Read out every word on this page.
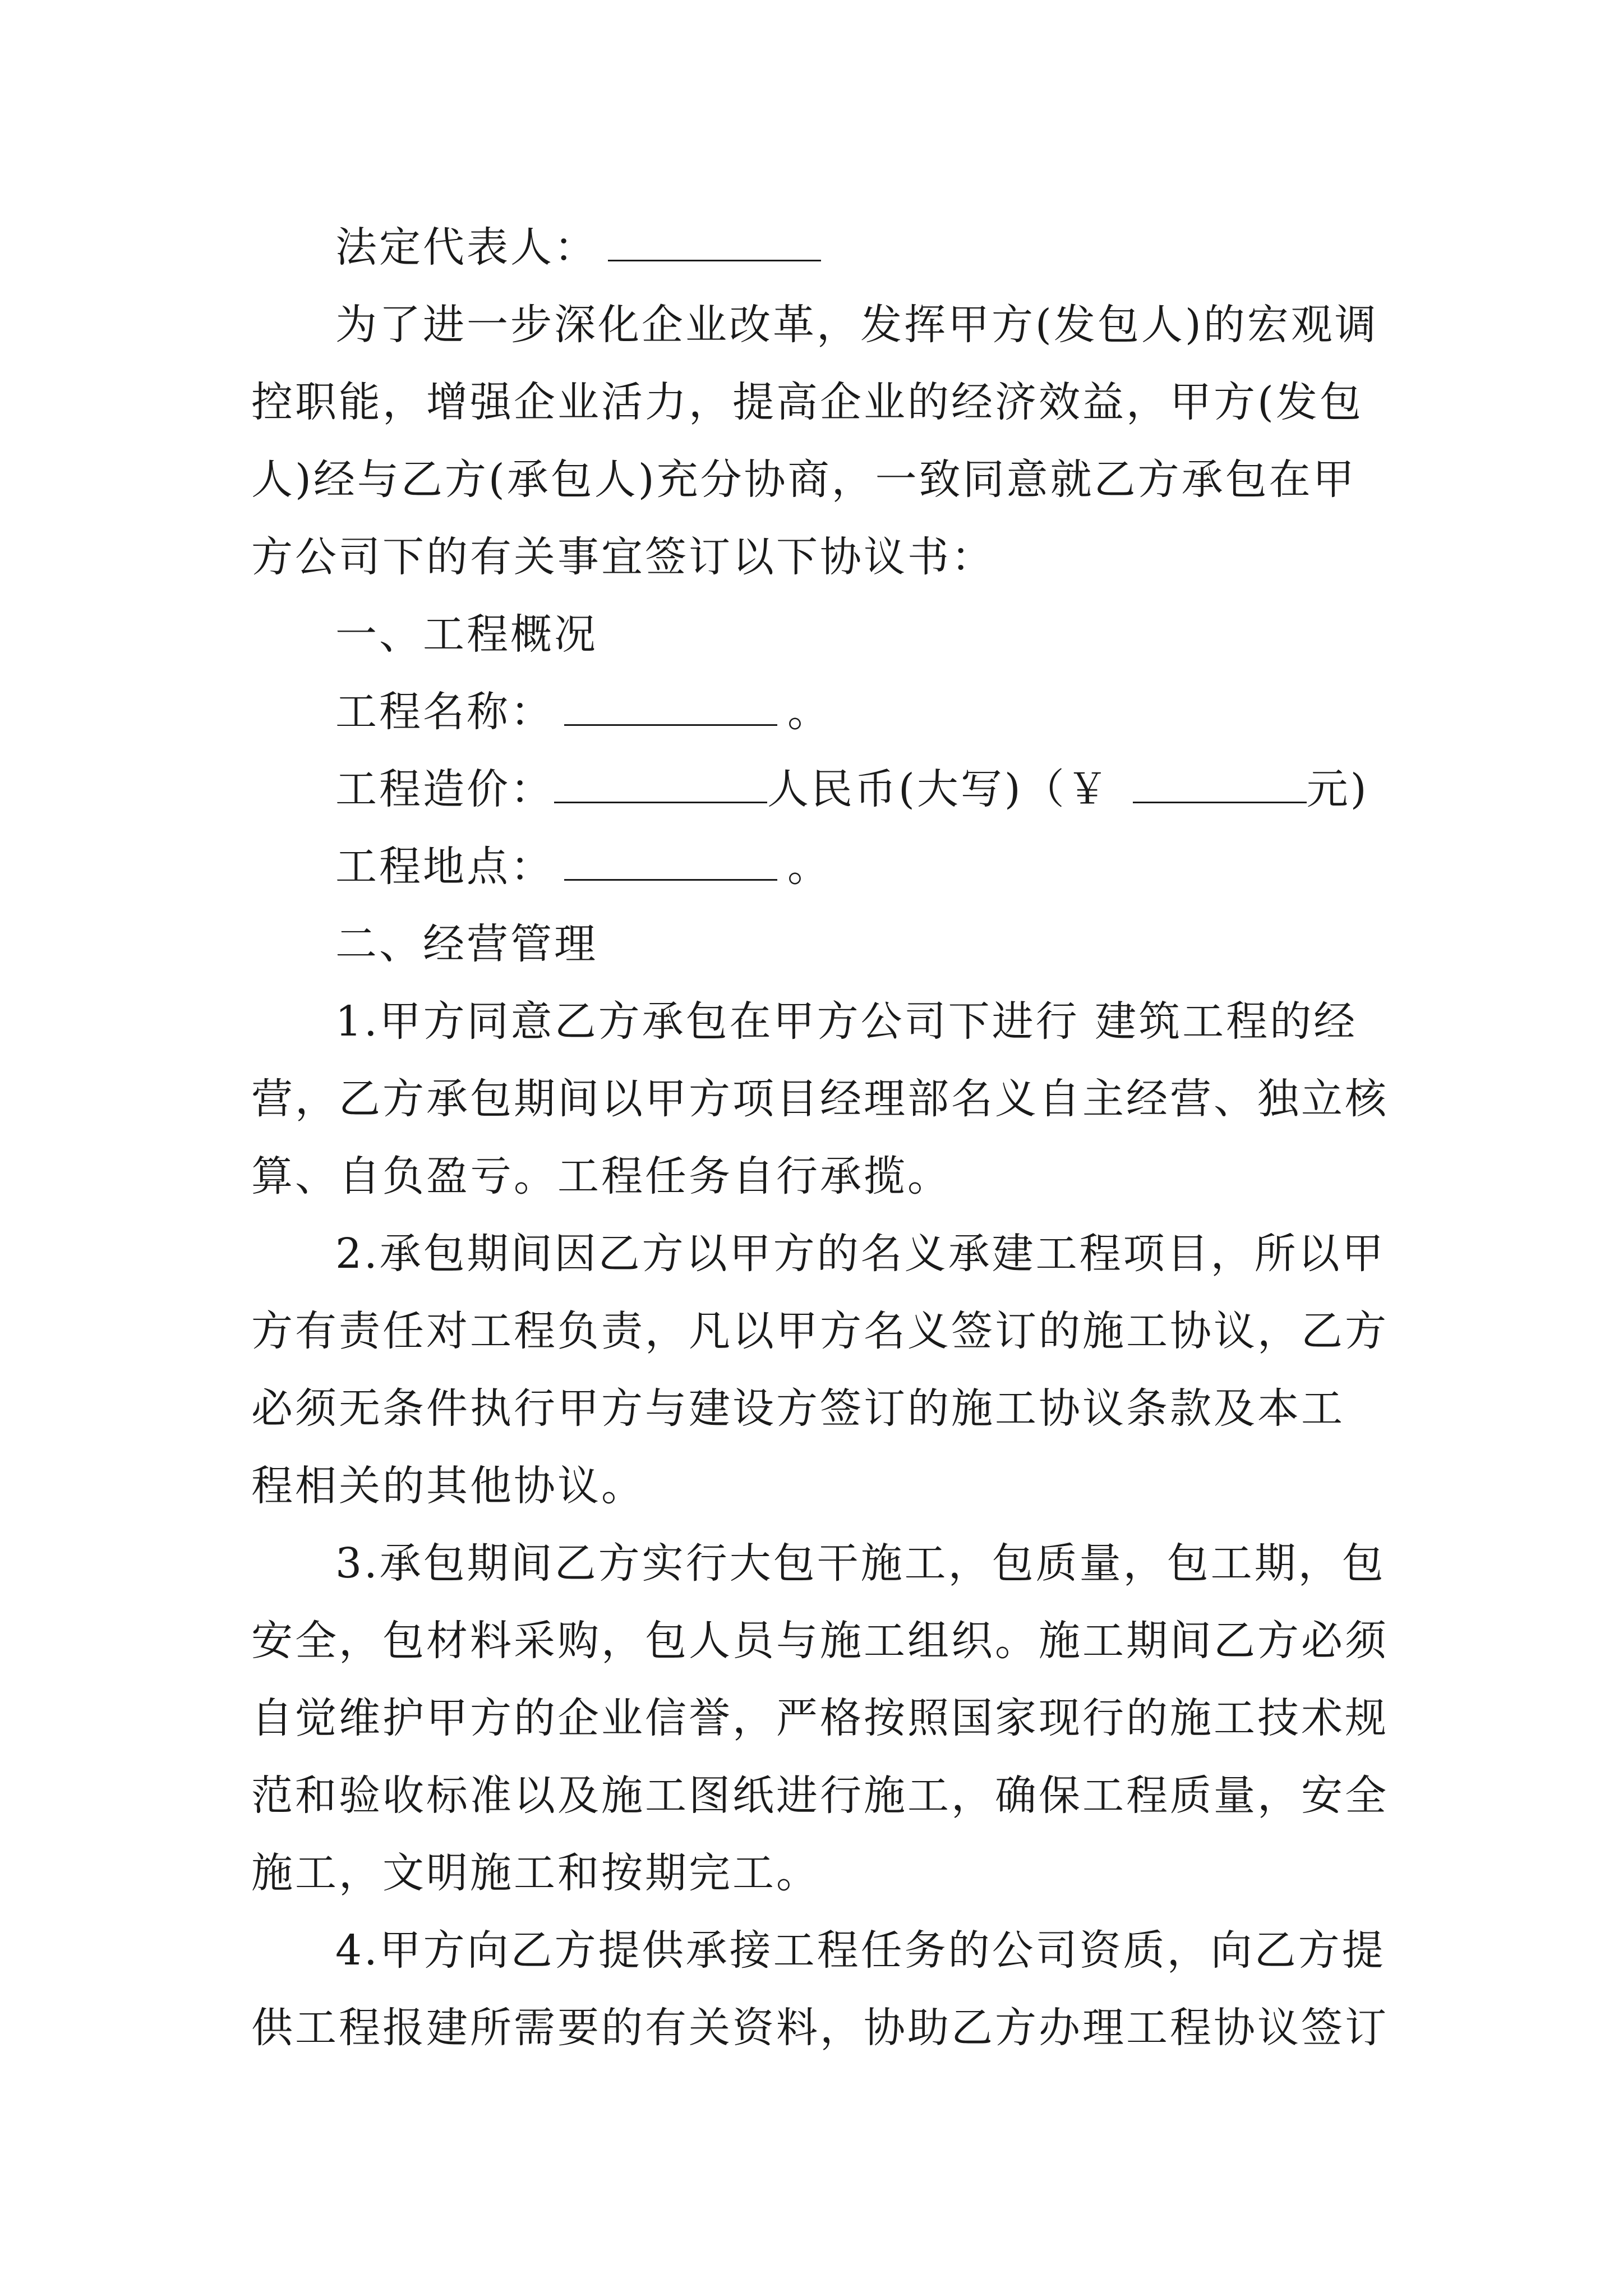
法定代表人：
为了进一步深化企业改革，发挥甲方(发包人)的宏观调
控职能，增强企业活力，提高企业的经济效益，甲方(发包
人)经与乙方(承包人)充分协商，一致同意就乙方承包在甲
方公司下的有关事宜签订以下协议书：
一、工程概况
工程名称：	。
工程造价：	人民币(大写)（￥	元)
工程地点：	。
二、经营管理
1.甲方同意乙方承包在甲方公司下进行 建筑工程的经
营，乙方承包期间以甲方项目经理部名义自主经营、独立核
算、自负盈亏。工程任务自行承揽。
2.承包期间因乙方以甲方的名义承建工程项目，所以甲
方有责任对工程负责，凡以甲方名义签订的施工协议，乙方
必须无条件执行甲方与建设方签订的施工协议条款及本工
程相关的其他协议。
3.承包期间乙方实行大包干施工，包质量，包工期，包
安全，包材料采购，包人员与施工组织。施工期间乙方必须
自觉维护甲方的企业信誉，严格按照国家现行的施工技术规
范和验收标准以及施工图纸进行施工，确保工程质量，安全
施工，文明施工和按期完工。
4.甲方向乙方提供承接工程任务的公司资质，向乙方提
供工程报建所需要的有关资料，协助乙方办理工程协议签订
